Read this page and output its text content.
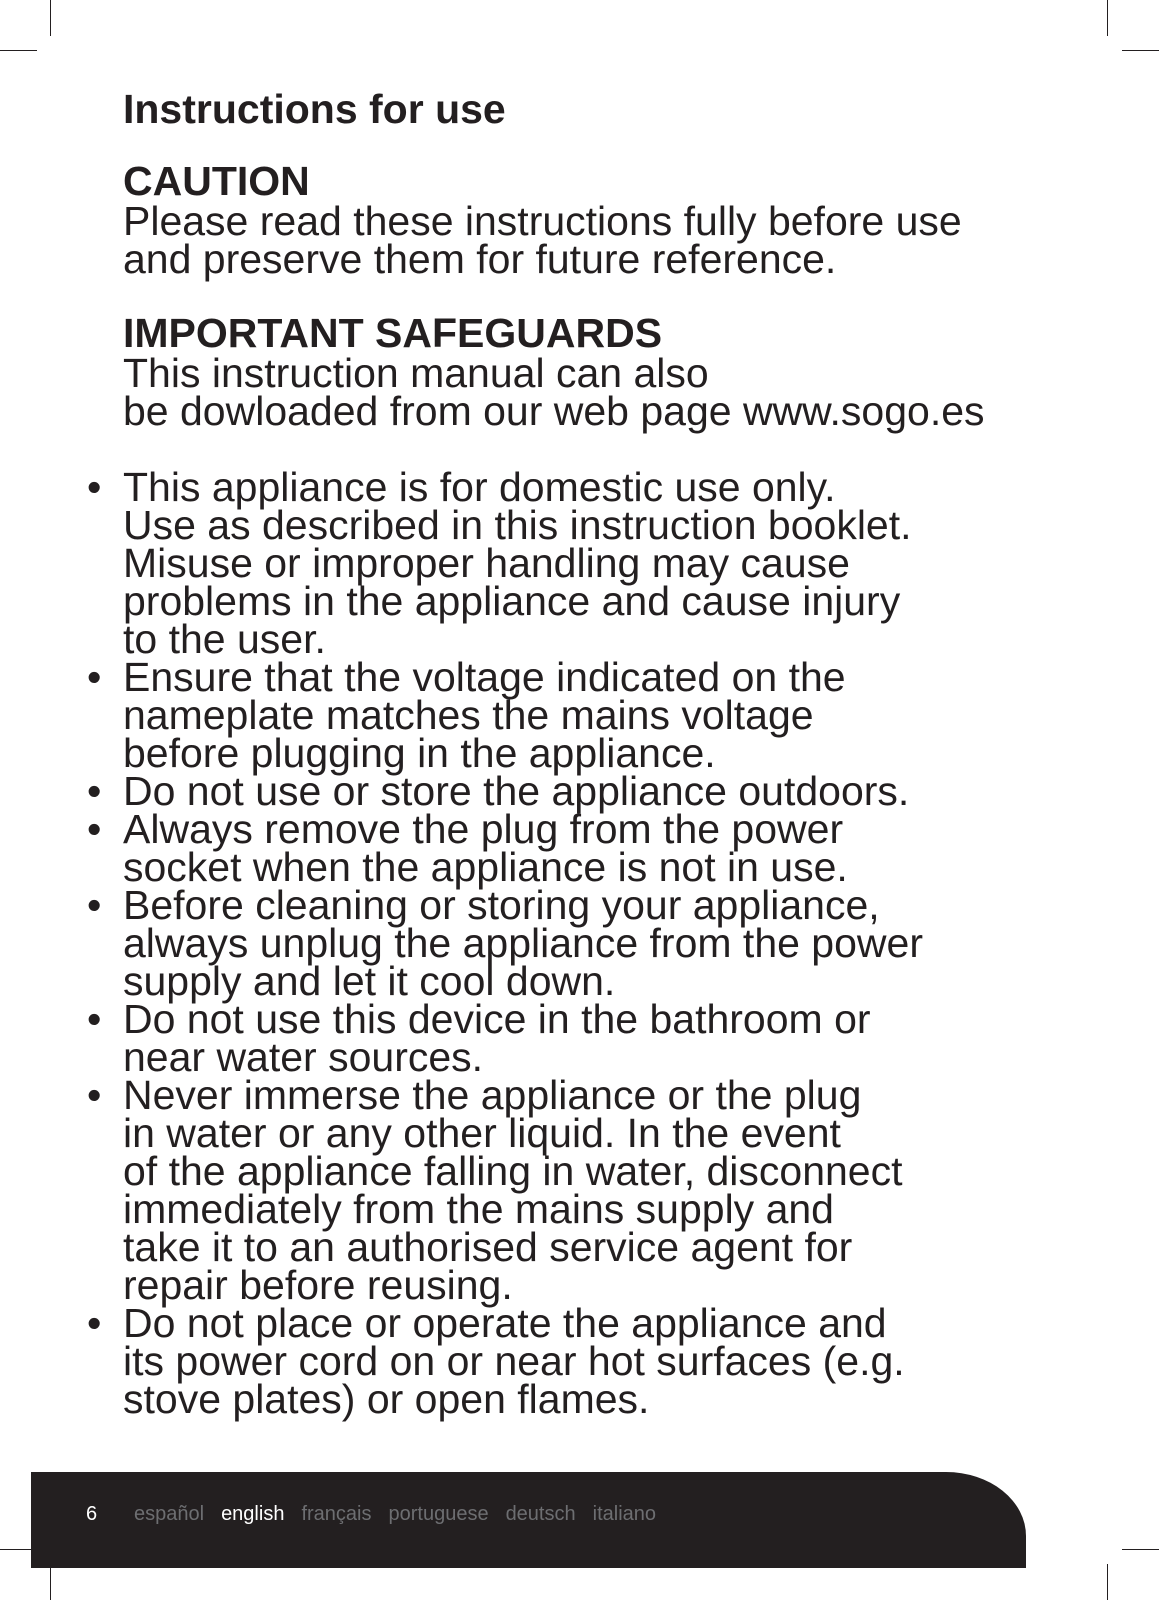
Instructions for use
CAUTION

Please read these instructions fully before use

and preserve them for future reference.

IMPORTANT SAFEGUARDS

This instruction manual can also

be dowloaded from our web page www.sogo.es

• This appliance is for domestic use only.

Use as described in this instruction booklet.

Misuse or improper handling may cause

problems in the appliance and cause injury

to the user.

• Ensure that the voltage indicated on the

nameplate matches the mains voltage

before plugging in the appliance.

• Do not use or store the appliance outdoors.

• Always remove the plug from the power

socket when the appliance is not in use.

• Before cleaning or storing your appliance,

always unplug the appliance from the power

supply and let it cool down.

• Do not use this device in the bathroom or

near water sources.

• Never immerse the appliance or the plug

in water or any other liquid. In the event

of the appliance falling in water, disconnect

immediately from the mains supply and

take it to an authorised service agent for

repair before reusing.

• Do not place or operate the appliance and

its power cord on or near hot surfaces (e.g.

stove plates) or open flames.

6 español english français portuguese deutsch italiano
